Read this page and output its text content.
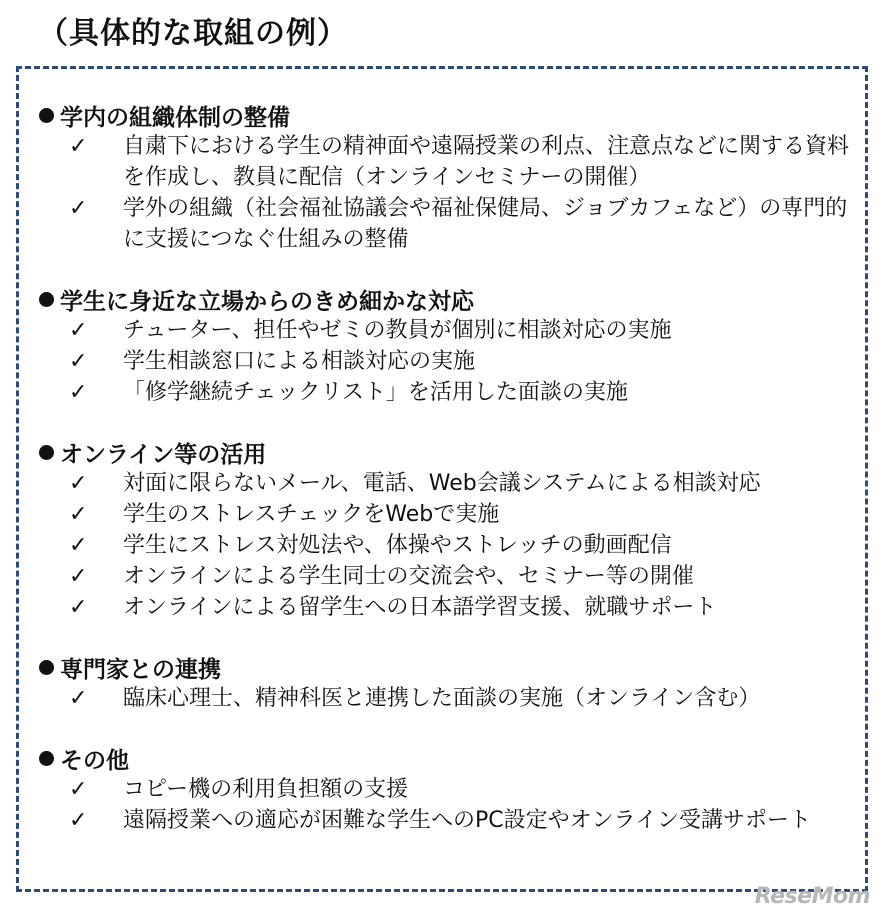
（具体的な取組の例）
学内の組織体制の整備
✓	自粛下における学生の精神面や遠隔授業の利点、注意点などに関する資料を作成し、教員に配信（オンラインセミナーの開催）
✓	学外の組織（社会福祉協議会や福祉保健局、ジョブカフェなど）の専門的に支援につなぐ仕組みの整備
学生に身近な立場からのきめ細かな対応
✓	チューター、担任やゼミの教員が個別に相談対応の実施
✓	学生相談窓口による相談対応の実施
✓	「修学継続チェックリスト」を活用した面談の実施
オンライン等の活用
✓	対面に限らないメール、電話、Web会議システムによる相談対応
✓	学生のストレスチェックをWebで実施
✓	学生にストレス対処法や、体操やストレッチの動画配信
✓	オンラインによる学生同士の交流会や、セミナー等の開催
✓	オンラインによる留学生への日本語学習支援、就職サポート
専門家との連携
✓	臨床心理士、精神科医と連携した面談の実施（オンライン含む）
その他
✓	コピー機の利用負担額の支援
✓	遠隔授業への適応が困難な学生へのPC設定やオンライン受講サポート
ReseMom
